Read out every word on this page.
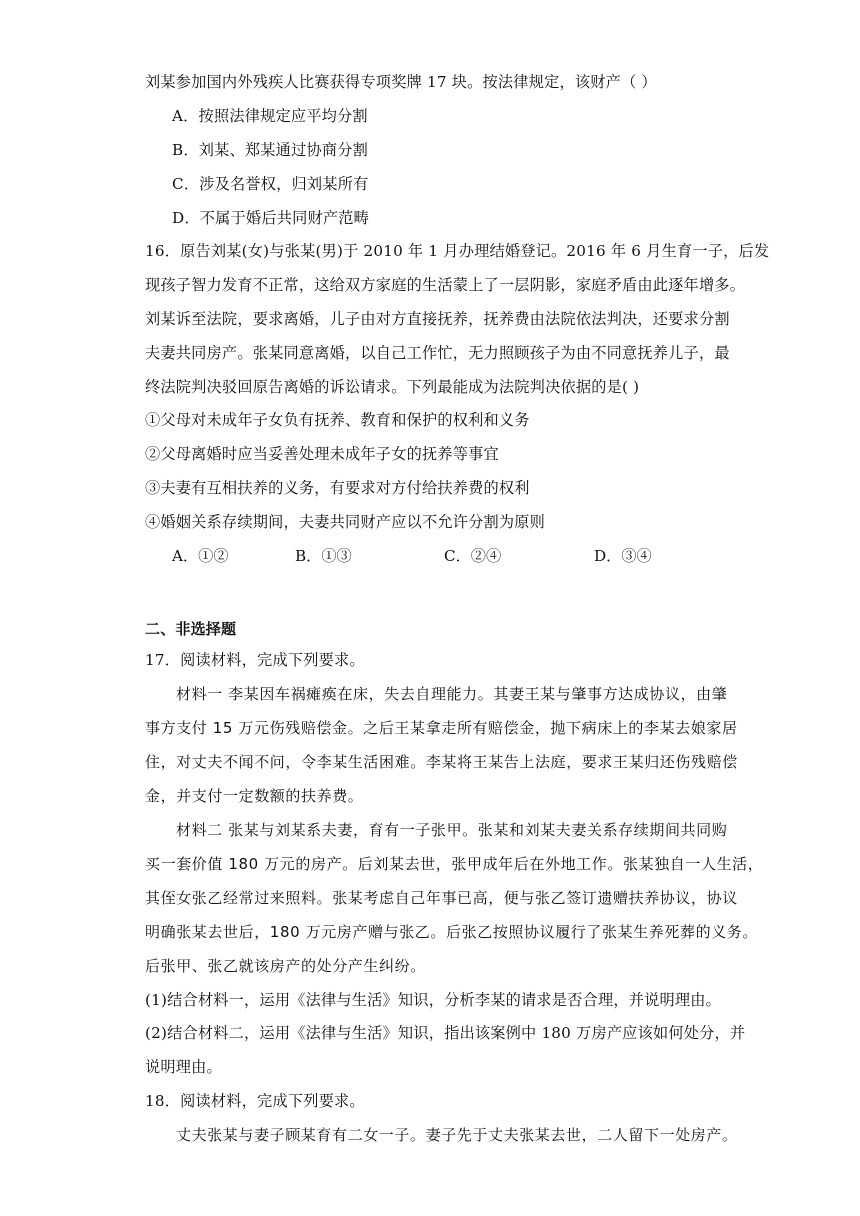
刘某参加国内外残疾人比赛获得专项奖牌 17 块。按法律规定，该财产（ ）
A．按照法律规定应平均分割
B．刘某、郑某通过协商分割
C．涉及名誉权，归刘某所有
D．不属于婚后共同财产范畴
16．原告刘某(女)与张某(男)于 2010 年 1 月办理结婚登记。2016 年 6 月生育一子，后发
现孩子智力发育不正常，这给双方家庭的生活蒙上了一层阴影，家庭矛盾由此逐年增多。
刘某诉至法院，要求离婚，儿子由对方直接抚养，抚养费由法院依法判决，还要求分割
夫妻共同房产。张某同意离婚，以自己工作忙，无力照顾孩子为由不同意抚养儿子，最
终法院判决驳回原告离婚的诉讼请求。下列最能成为法院判决依据的是( )
①父母对未成年子女负有抚养、教育和保护的权利和义务
②父母离婚时应当妥善处理未成年子女的抚养等事宜
③夫妻有互相扶养的义务，有要求对方付给扶养费的权利
④婚姻关系存续期间，夫妻共同财产应以不允许分割为原则
A．①②	B．①③	C．②④	D．③④
二、非选择题
17．阅读材料，完成下列要求。
材料一 李某因车祸瘫痪在床，失去自理能力。其妻王某与肇事方达成协议，由肇
事方支付 15 万元伤残赔偿金。之后王某拿走所有赔偿金，抛下病床上的李某去娘家居
住，对丈夫不闻不问，令李某生活困难。李某将王某告上法庭，要求王某归还伤残赔偿
金，并支付一定数额的扶养费。
材料二 张某与刘某系夫妻，育有一子张甲。张某和刘某夫妻关系存续期间共同购
买一套价值 180 万元的房产。后刘某去世，张甲成年后在外地工作。张某独自一人生活，
其侄女张乙经常过来照料。张某考虑自己年事已高，便与张乙签订遗赠扶养协议，协议
明确张某去世后，180 万元房产赠与张乙。后张乙按照协议履行了张某生养死葬的义务。
后张甲、张乙就该房产的处分产生纠纷。
(1)结合材料一，运用《法律与生活》知识，分析李某的请求是否合理，并说明理由。
(2)结合材料二，运用《法律与生活》知识，指出该案例中 180 万房产应该如何处分，并
说明理由。
18．阅读材料，完成下列要求。
丈夫张某与妻子顾某育有二女一子。妻子先于丈夫张某去世，二人留下一处房产。
